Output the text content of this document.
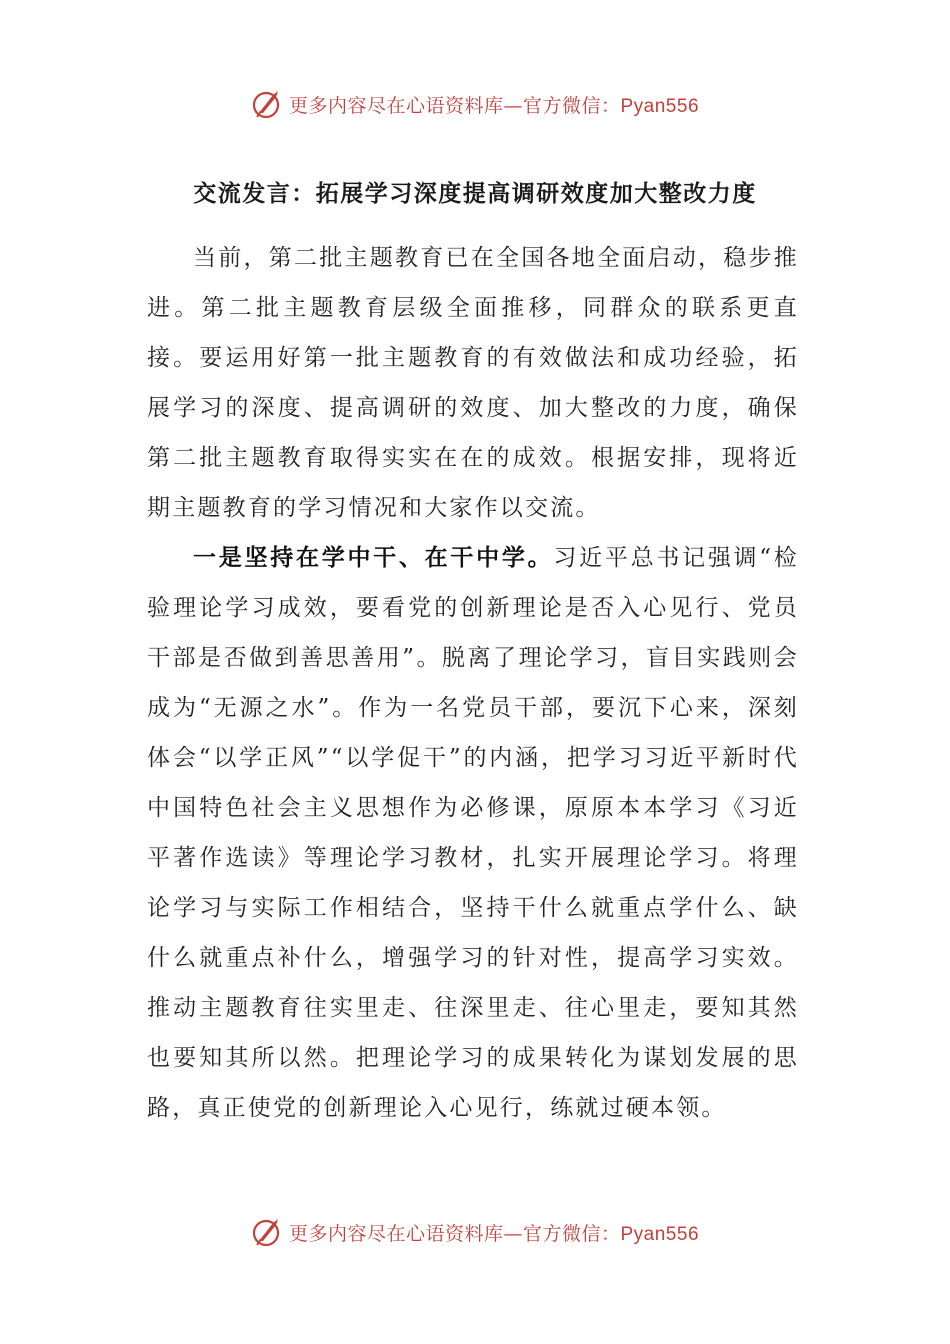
更多内容尽在心语资料库—官方微信：Pyan556
交流发言：拓展学习深度提高调研效度加大整改力度

当前，第二批主题教育已在全国各地全面启动，稳步推进。第二批主题教育层级全面推移，同群众的联系更直接。要运用好第一批主题教育的有效做法和成功经验，拓展学习的深度、提高调研的效度、加大整改的力度，确保第二批主题教育取得实实在在的成效。根据安排，现将近期主题教育的学习情况和大家作以交流。

一是坚持在学中干、在干中学。习近平总书记强调“检验理论学习成效，要看党的创新理论是否入心见行、党员干部是否做到善思善用”。脱离了理论学习，盲目实践则会成为“无源之水”。作为一名党员干部，要沉下心来，深刻体会“以学正风”“以学促干”的内涵，把学习习近平新时代中国特色社会主义思想作为必修课，原原本本学习《习近平著作选读》等理论学习教材，扎实开展理论学习。将理论学习与实际工作相结合，坚持干什么就重点学什么、缺什么就重点补什么，增强学习的针对性，提高学习实效。推动主题教育往实里走、往深里走、往心里走，要知其然也要知其所以然。把理论学习的成果转化为谋划发展的思路，真正使党的创新理论入心见行，练就过硬本领。

更多内容尽在心语资料库—官方微信：Pyan556
